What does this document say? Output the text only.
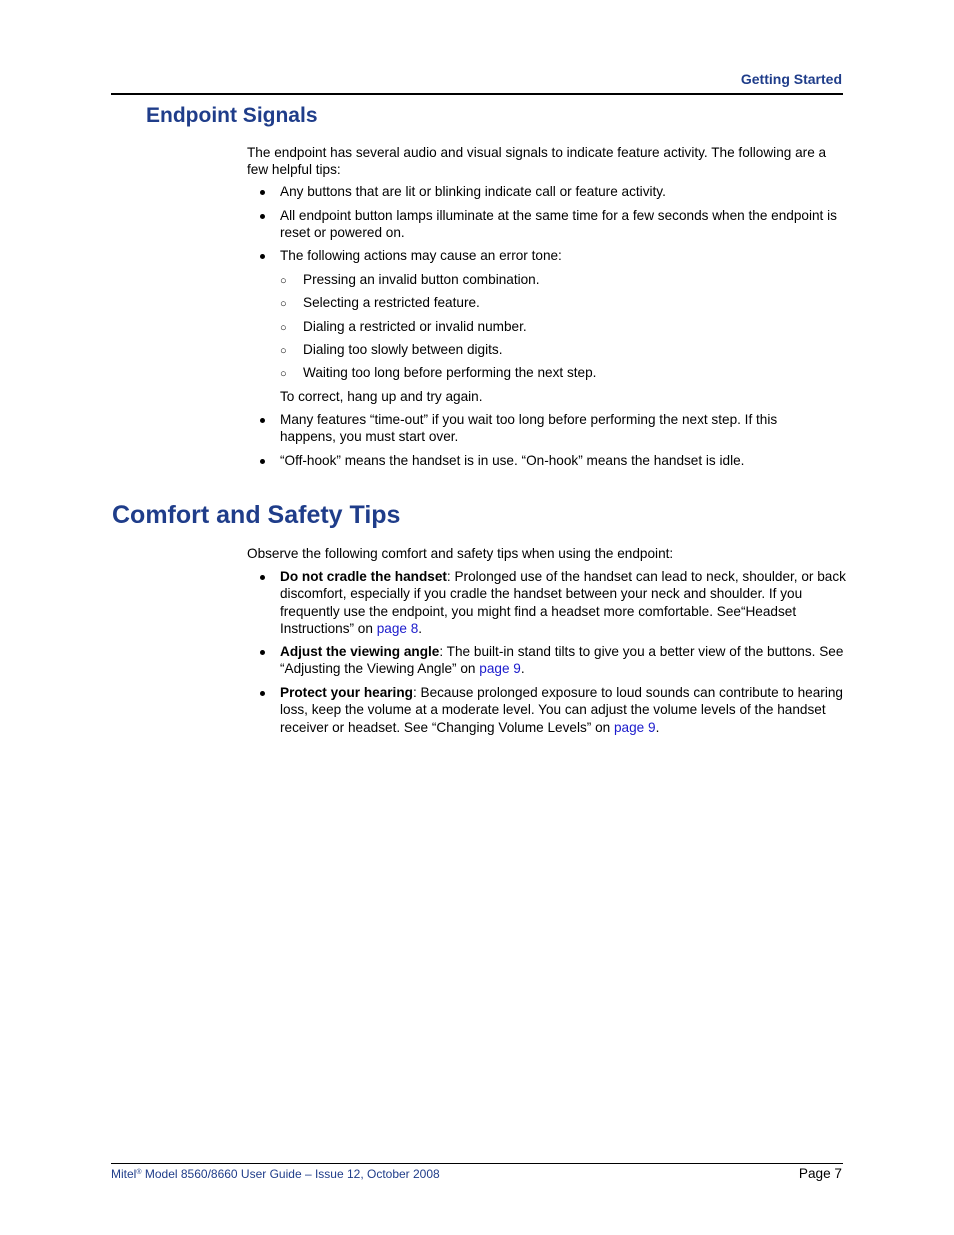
Getting Started
Endpoint Signals
The endpoint has several audio and visual signals to indicate feature activity. The following are a few helpful tips:
Any buttons that are lit or blinking indicate call or feature activity.
All endpoint button lamps illuminate at the same time for a few seconds when the endpoint is reset or powered on.
The following actions may cause an error tone:
○ Pressing an invalid button combination.
○ Selecting a restricted feature.
○ Dialing a restricted or invalid number.
○ Dialing too slowly between digits.
○ Waiting too long before performing the next step.
To correct, hang up and try again.
Many features “time-out” if you wait too long before performing the next step. If this happens, you must start over.
“Off-hook” means the handset is in use. “On-hook” means the handset is idle.
Comfort and Safety Tips
Observe the following comfort and safety tips when using the endpoint:
Do not cradle the handset: Prolonged use of the handset can lead to neck, shoulder, or back discomfort, especially if you cradle the handset between your neck and shoulder. If you frequently use the endpoint, you might find a headset more comfortable. See“Headset Instructions” on page 8.
Adjust the viewing angle: The built-in stand tilts to give you a better view of the buttons. See “Adjusting the Viewing Angle” on page 9.
Protect your hearing: Because prolonged exposure to loud sounds can contribute to hearing loss, keep the volume at a moderate level. You can adjust the volume levels of the handset receiver or headset. See “Changing Volume Levels” on page 9.
Mitel® Model 8560/8660 User Guide – Issue 12, October 2008	Page 7
